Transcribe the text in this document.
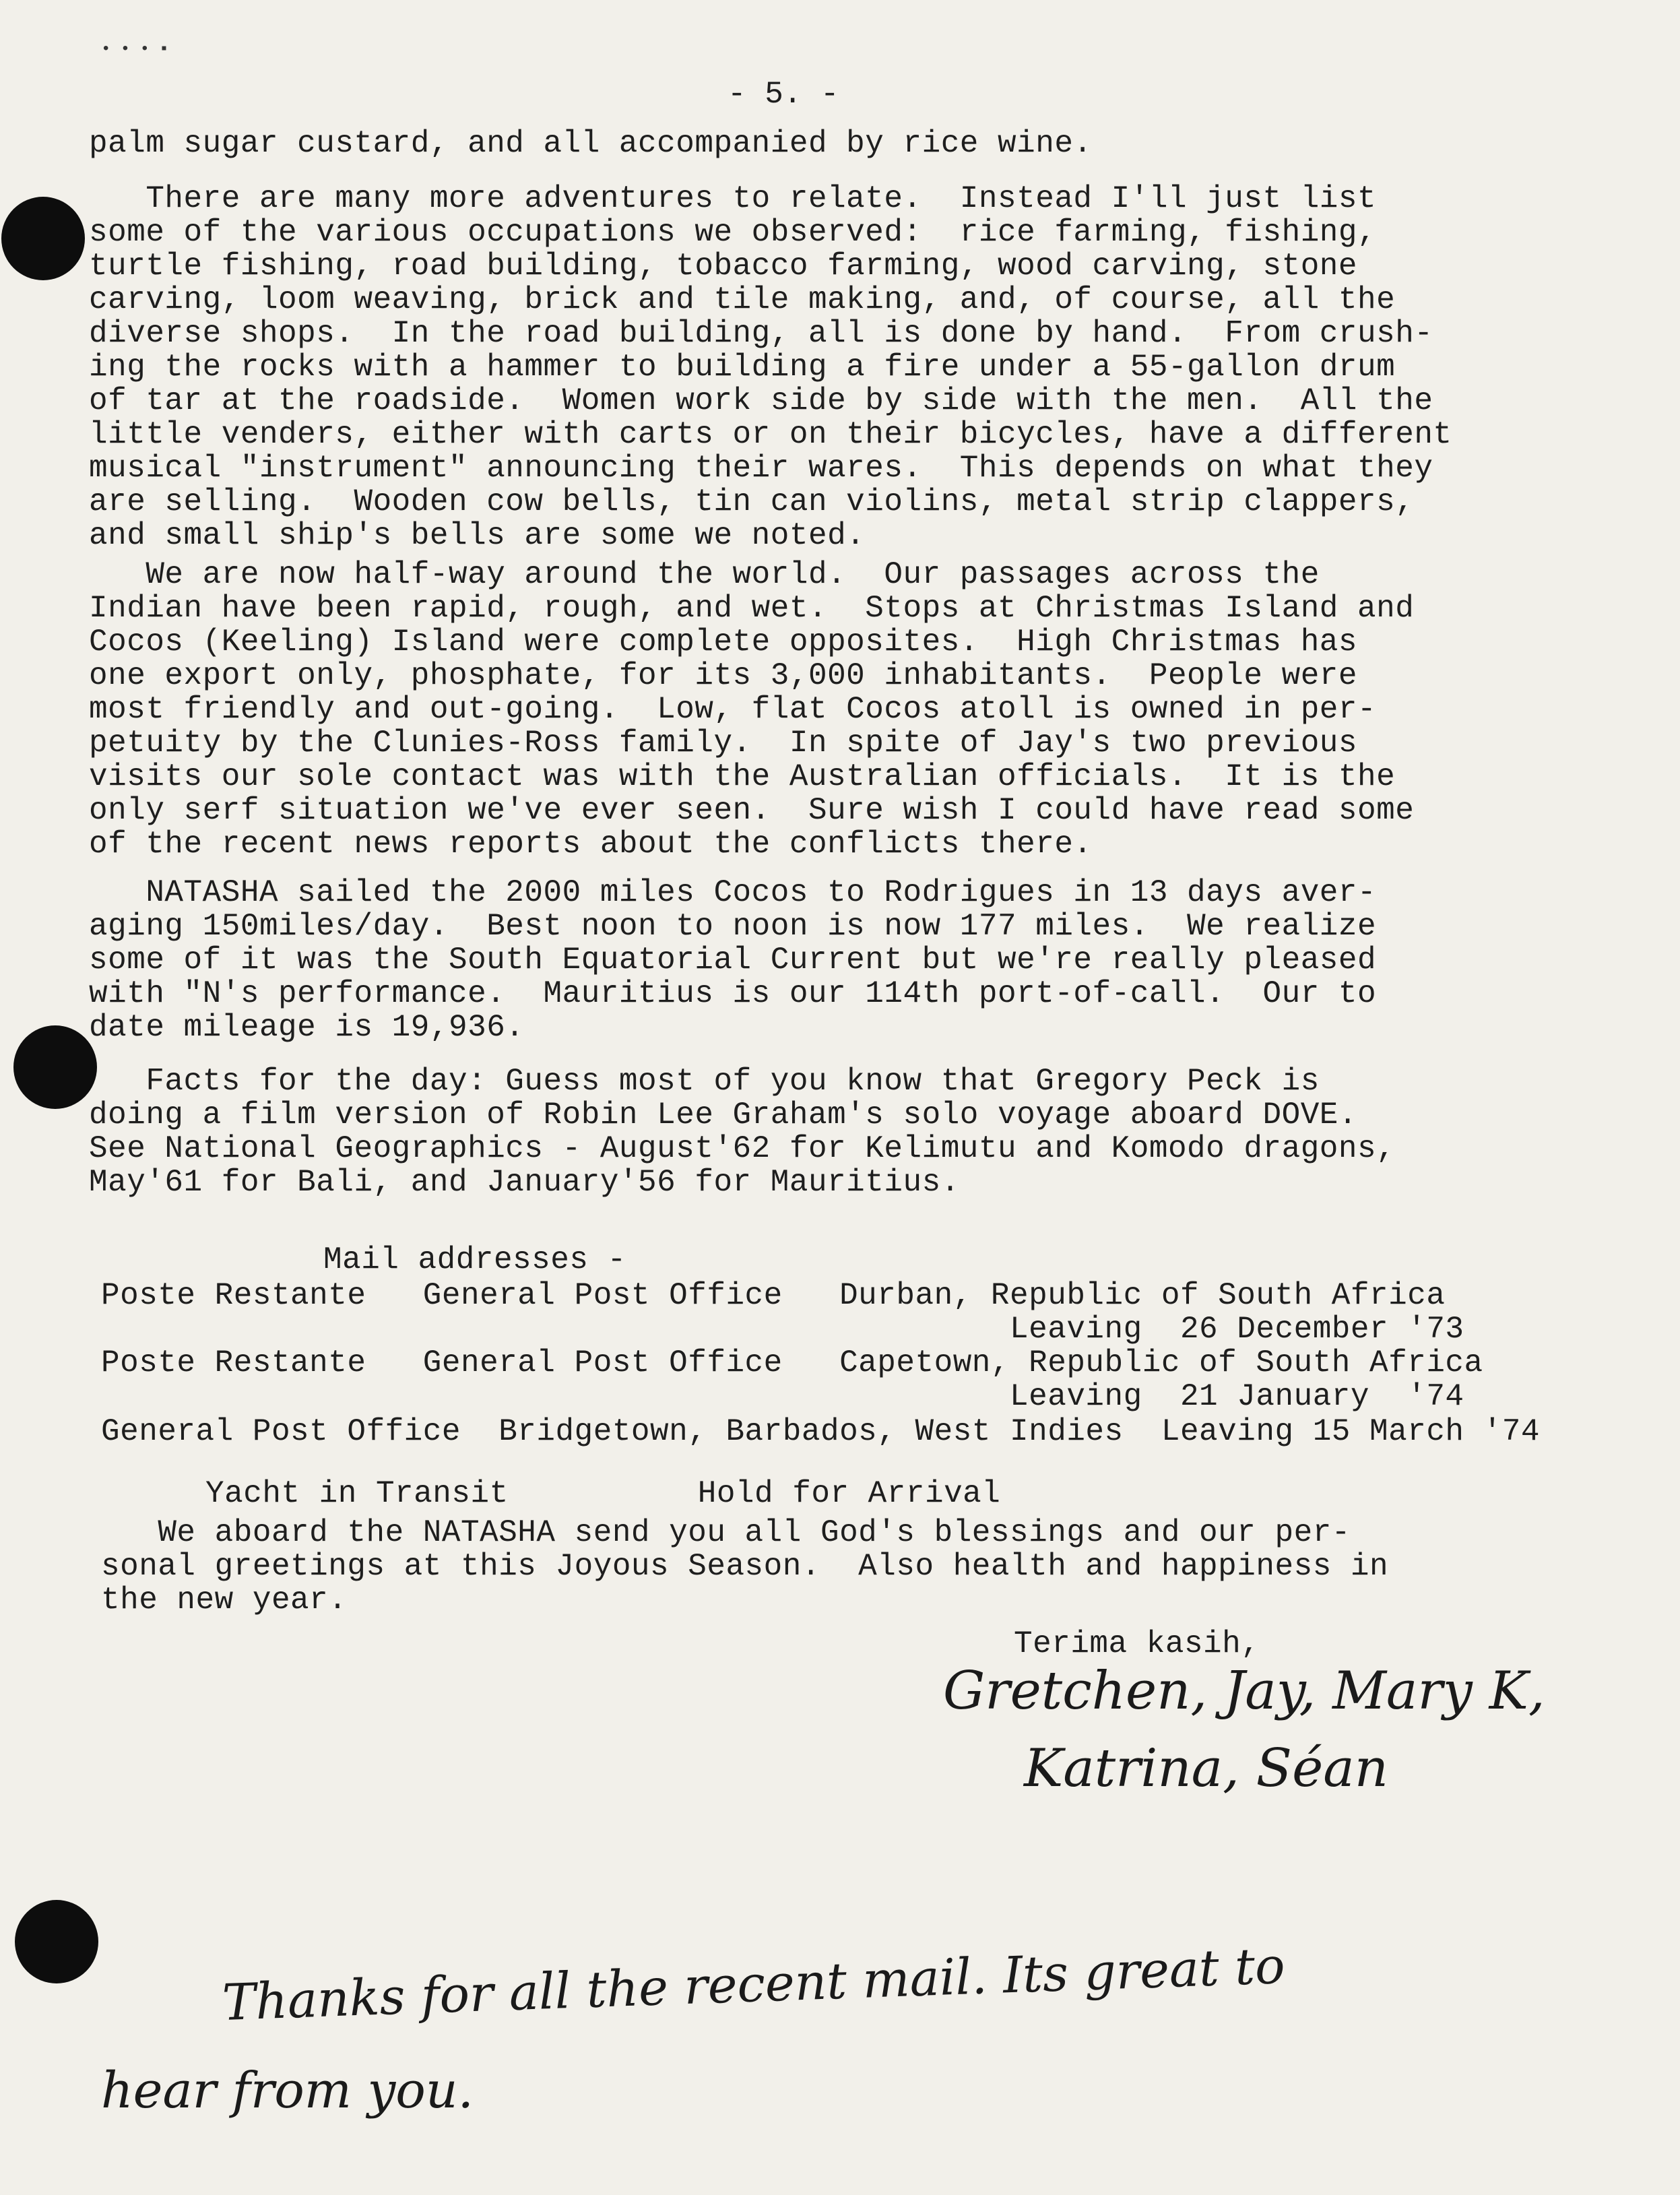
• • • ▪
- 5. -
palm sugar custard, and all accompanied by rice wine.
There are many more adventures to relate.  Instead I'll just list
some of the various occupations we observed:  rice farming, fishing,
turtle fishing, road building, tobacco farming, wood carving, stone
carving, loom weaving, brick and tile making, and, of course, all the
diverse shops.  In the road building, all is done by hand.  From crush-
ing the rocks with a hammer to building a fire under a 55-gallon drum
of tar at the roadside.  Women work side by side with the men.  All the
little venders, either with carts or on their bicycles, have a different
musical "instrument" announcing their wares.  This depends on what they
are selling.  Wooden cow bells, tin can violins, metal strip clappers,
and small ship's bells are some we noted.
We are now half-way around the world.  Our passages across the
Indian have been rapid, rough, and wet.  Stops at Christmas Island and
Cocos (Keeling) Island were complete opposites.  High Christmas has
one export only, phosphate, for its 3,000 inhabitants.  People were
most friendly and out-going.  Low, flat Cocos atoll is owned in per-
petuity by the Clunies-Ross family.  In spite of Jay's two previous
visits our sole contact was with the Australian officials.  It is the
only serf situation we've ever seen.  Sure wish I could have read some
of the recent news reports about the conflicts there.
NATASHA sailed the 2000 miles Cocos to Rodrigues in 13 days aver-
aging 150miles/day.  Best noon to noon is now 177 miles.  We realize
some of it was the South Equatorial Current but we're really pleased
with "N's performance.  Mauritius is our 114th port-of-call.  Our to
date mileage is 19,936.
Facts for the day: Guess most of you know that Gregory Peck is
doing a film version of Robin Lee Graham's solo voyage aboard DOVE.
See National Geographics - August'62 for Kelimutu and Komodo dragons,
May'61 for Bali, and January'56 for Mauritius.
Mail addresses -
Poste Restante   General Post Office   Durban, Republic of South Africa
Leaving  26 December '73
Poste Restante   General Post Office   Capetown, Republic of South Africa
Leaving  21 January  '74
General Post Office  Bridgetown, Barbados, West Indies  Leaving 15 March '74
Yacht in Transit          Hold for Arrival
We aboard the NATASHA send you all God's blessings and our per-
sonal greetings at this Joyous Season.  Also health and happiness in
the new year.
Terima kasih,
Gretchen, Jay, Mary K,
Katrina, Séan
Thanks for all the recent mail. Its great to
hear from you.
